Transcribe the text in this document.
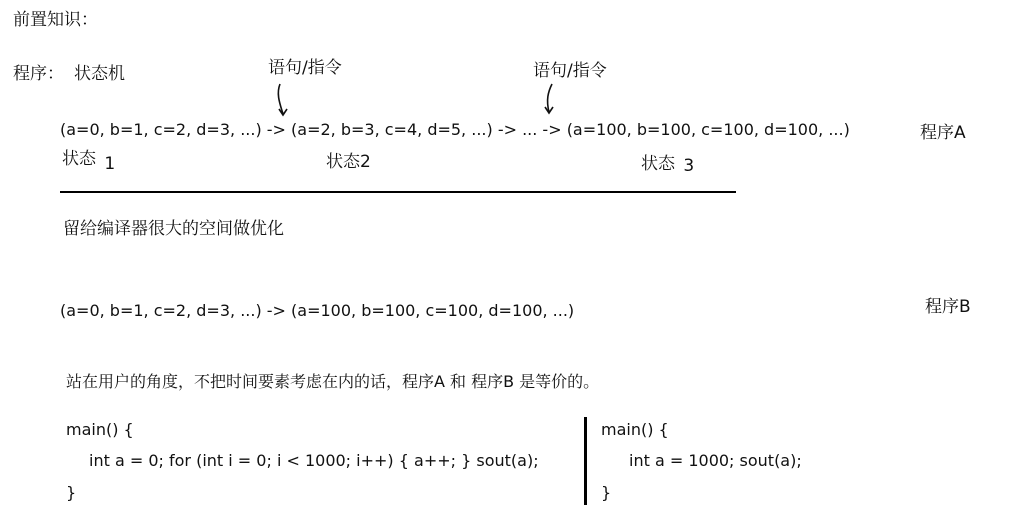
前置知识：
程序： 状态机	语句/指令	语句/指令
(a=0, b=1, c=2, d=3, ...) -> (a=2, b=3, c=4, d=5, ...) -> ... -> (a=100, b=100, c=100, d=100, ...)	程序A
状态 1	状态2	状态 3
留给编译器很大的空间做优化
(a=0, b=1, c=2, d=3, ...) -> (a=100, b=100, c=100, d=100, ...)	程序B
站在用户的角度，不把时间要素考虑在内的话，程序A 和 程序B 是等价的。
main() {
int a = 0; for (int i = 0; i < 1000; i++) { a++; } sout(a);
}
main() {
int a = 1000; sout(a);
}
